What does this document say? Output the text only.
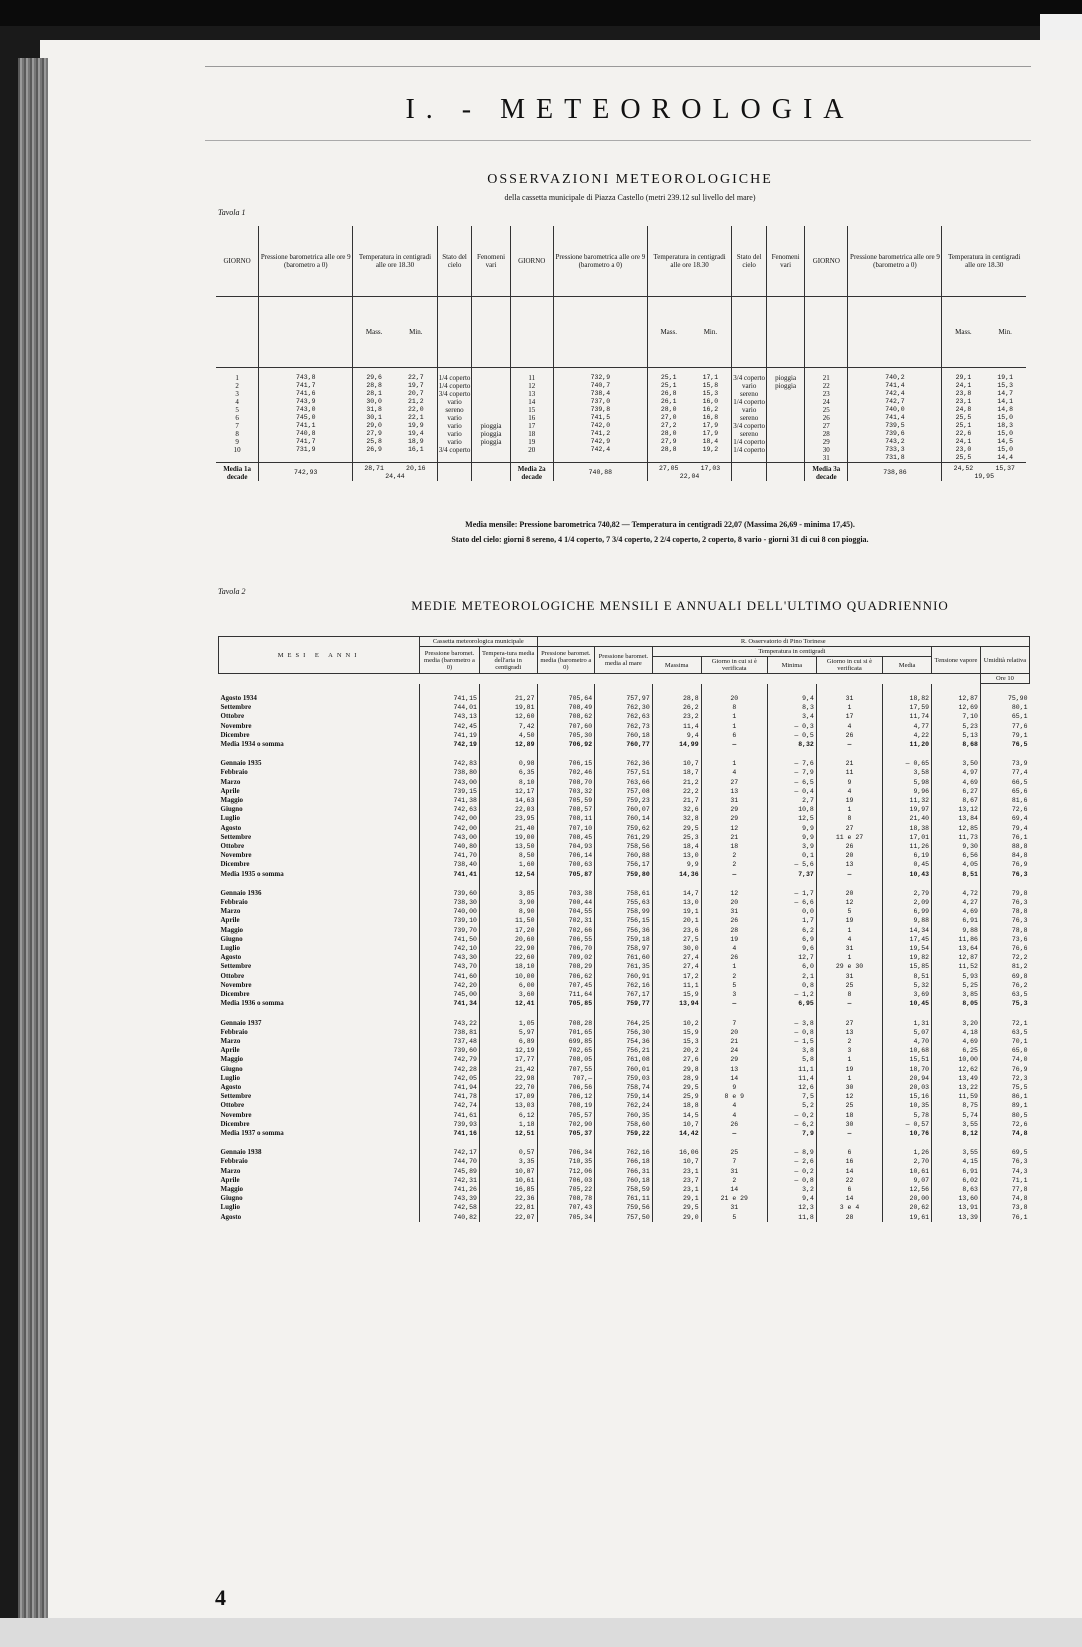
I. - METEOROLOGIA
OSSERVAZIONI METEOROLOGICHE
della cassetta municipale di Piazza Castello (metri 239.12 sul livello del mare)
Tavola 1
GIORNO	Pressione barometrica alle ore 9 (barometro a 0)	Temperatura in centigradi alle ore 18.30		Stato del cielo	Fenomeni vari	GIORNO	Pressione barometrica alle ore 9 (barometro a 0)	Temperatura in centigradi alle ore 18.30		Stato del cielo	Fenomeni vari	GIORNO	Pressione barometrica alle ore 9 (barometro a 0)	Temperatura in centigradi alle ore 18.30	
		Mass.	Min.					Mass.	Min.					Mass.	Min.
1	743,8	29,6	22,7	1/4 coperto		11	732,9	25,1	17,1	3/4 coperto	pioggia	21	740,2	29,1	19,1
2	741,7	28,8	19,7	1/4 coperto		12	740,7	25,1	15,8	vario	pioggia	22	741,4	24,1	15,3
3	741,6	28,1	20,7	3/4 coperto		13	738,4	26,8	15,3	sereno		23	742,4	23,8	14,7
4	743,9	30,0	21,2	vario		14	737,0	26,1	16,0	1/4 coperto		24	742,7	23,1	14,1
5	743,0	31,8	22,0	sereno		15	739,8	28,0	16,2	vario		25	740,0	24,8	14,8
6	745,0	30,1	22,1	vario		16	741,5	27,0	16,8	sereno		26	741,4	25,5	15,0
7	741,1	29,0	19,9	vario	pioggia	17	742,0	27,2	17,9	3/4 coperto		27	739,5	25,1	18,3
8	740,8	27,9	19,4	vario	pioggia	18	741,2	28,0	17,9	sereno		28	739,6	22,6	15,0
9	741,7	25,8	18,9	vario	pioggia	19	742,9	27,9	18,4	1/4 coperto		29	743,2	24,1	14,5
10	731,9	26,9	16,1	3/4 coperto		20	742,4	28,8	19,2	1/4 coperto		30	733,3	23,0	15,0
												31	731,8	25,5	14,4
Media 1a decade	742,93	28,71	20,16			Media 2a decade	740,88	27,05	17,03			Media 3a decade	738,86	24,52	15,37
		24,44						22,04						19,95	
Media mensile: Pressione barometrica 740,82 — Temperatura in centigradi 22,07 (Massima 26,69 - minima 17,45).
Stato del cielo: giorni 8 sereno, 4 1/4 coperto, 7 3/4 coperto, 2 2/4 coperto, 2 coperto, 8 vario - giorni 31 di cui 8 con pioggia.
Tavola 2
MEDIE METEOROLOGICHE MENSILI E ANNUALI DELL'ULTIMO QUADRIENNIO
MESI E ANNI	Cassetta meteorologica municipale		R. Osservatorio di Pino Torinese								
	Pressione baromet. media (barometro a 0)	Tempera-tura media dell'aria in centigradi	Pressione baromet. media (barometro a 0)	Pressione baromet. media al mare	Temperatura in centigradi					Tensione vapore	Umidità relativa
					Massima	Giorno in cui si è verificata	Minima	Giorno in cui si è verificata	Media		
											Ore 10

Agosto 1934	741,15	21,27	705,64	757,97	28,8	20	9,4	31	18,82	12,87	75,90
Settembre	744,01	19,81	708,49	762,30	26,2	8	8,3	1	17,59	12,69	80,1
Ottobre	743,13	12,60	708,62	762,63	23,2	1	3,4	17	11,74	7,10	65,1
Novembre	742,45	7,42	707,60	762,73	11,4	1	— 0,3	4	4,77	5,23	77,6
Dicembre	741,19	4,50	705,30	760,18	9,4	6	— 0,5	26	4,22	5,13	79,1
Media 1934 o somma	742,19	12,89	706,92	760,77	14,99	—	8,32	—	11,20	8,68	76,5

Gennaio 1935	742,83	0,98	706,15	762,36	10,7	1	— 7,6	21	— 0,65	3,50	73,9
Febbraio	738,80	6,35	702,46	757,51	18,7	4	— 7,9	11	3,58	4,97	77,4
Marzo	743,00	8,10	708,70	763,66	21,2	27	— 6,5	9	5,98	4,69	66,5
Aprile	739,15	12,17	703,32	757,08	22,2	13	— 0,4	4	9,96	6,27	65,6
Maggio	741,38	14,63	705,59	759,23	21,7	31	2,7	19	11,32	8,67	81,6
Giugno	742,63	22,03	708,57	760,07	32,6	29	10,8	1	19,97	13,12	72,6
Luglio	742,00	23,95	708,11	760,14	32,8	29	12,5	8	21,40	13,84	69,4
Agosto	742,00	21,40	707,10	759,62	29,5	12	9,9	27	18,38	12,85	79,4
Settembre	743,00	19,00	708,45	761,29	25,3	21	9,9	11 e 27	17,01	11,73	76,1
Ottobre	740,80	13,50	704,93	758,56	18,4	18	3,9	26	11,26	9,30	88,8
Novembre	741,70	8,50	706,14	760,88	13,0	2	0,1	20	6,19	6,56	84,8
Dicembre	738,40	1,60	700,63	756,17	9,9	2	— 5,6	13	0,45	4,05	76,9
Media 1935 o somma	741,41	12,54	705,87	759,80	14,36	—	7,37	—	10,43	8,51	76,3

Gennaio 1936	739,60	3,85	703,38	758,61	14,7	12	— 1,7	20	2,79	4,72	79,8
Febbraio	738,30	3,90	700,44	755,63	13,0	20	— 6,6	12	2,09	4,27	76,3
Marzo	740,00	8,90	704,55	758,99	19,1	31	0,0	5	6,99	4,69	78,8
Aprile	739,10	11,50	702,31	756,15	20,1	26	1,7	19	9,88	6,91	76,3
Maggio	739,70	17,20	702,66	756,36	23,6	28	6,2	1	14,34	9,88	78,8
Giugno	741,50	20,60	706,55	759,18	27,5	19	6,9	4	17,45	11,86	73,6
Luglio	742,10	22,90	706,70	758,97	30,0	4	9,6	31	19,54	13,64	76,6
Agosto	743,30	22,60	709,02	761,60	27,4	26	12,7	1	19,82	12,87	72,2
Settembre	743,70	18,10	708,29	761,35	27,4	1	6,0	29 e 30	15,85	11,52	81,2
Ottobre	741,60	10,00	706,62	760,91	17,2	2	2,1	31	8,51	5,93	69,8
Novembre	742,20	6,00	707,45	762,16	11,1	5	0,8	25	5,32	5,25	76,2
Dicembre	745,00	3,60	711,64	767,17	15,9	3	— 1,2	8	3,69	3,85	63,5
Media 1936 o somma	741,34	12,41	705,85	759,77	13,94	—	6,95	—	10,45	8,05	75,3

Gennaio 1937	743,22	1,05	708,28	764,25	10,2	7	— 3,8	27	1,31	3,20	72,1
Febbraio	738,81	5,97	701,65	756,30	15,9	20	— 0,8	13	5,07	4,18	63,5
Marzo	737,48	6,89	699,85	754,36	15,3	21	— 1,5	2	4,70	4,69	70,1
Aprile	739,60	12,19	702,65	756,21	20,2	24	3,8	3	10,68	6,25	65,0
Maggio	742,79	17,77	708,05	761,08	27,6	29	5,8	1	15,51	10,00	74,0
Giugno	742,28	21,42	707,55	760,01	29,8	13	11,1	19	18,70	12,62	76,9
Luglio	742,05	22,98	707,—	759,03	28,9	14	11,4	1	20,94	13,49	72,3
Agosto	741,94	22,70	706,56	758,74	29,5	9	12,6	30	20,03	13,22	75,5
Settembre	741,78	17,09	706,12	759,14	25,9	8 e 9	7,5	12	15,16	11,59	86,1
Ottobre	742,74	13,03	708,19	762,24	18,8	4	5,2	25	10,35	8,75	89,1
Novembre	741,61	6,12	705,57	760,35	14,5	4	— 0,2	18	5,78	5,74	80,5
Dicembre	739,93	1,18	702,90	758,60	10,7	26	— 6,2	30	— 0,57	3,55	72,6
Media 1937 o somma	741,16	12,51	705,37	759,22	14,42	—	7,9	—	10,76	8,12	74,8

Gennaio 1938	742,17	0,57	706,34	762,16	16,06	25	— 8,9	6	1,26	3,55	69,5
Febbraio	744,70	3,35	710,35	766,18	10,7	7	— 2,6	16	2,70	4,15	76,3
Marzo	745,89	10,87	712,06	766,31	23,1	31	— 0,2	14	10,61	6,91	74,3
Aprile	742,31	10,61	706,03	760,18	23,7	2	— 0,8	22	9,07	6,02	71,1
Maggio	741,26	16,85	705,22	758,59	23,1	14	3,2	6	12,56	8,63	77,8
Giugno	743,39	22,36	708,78	761,11	29,1	21 e 29	9,4	14	20,00	13,60	74,8
Luglio	742,58	22,81	707,43	759,56	29,5	31	12,3	3 e 4	20,62	13,91	73,8
Agosto	740,82	22,07	705,34	757,50	29,0	5	11,8	28	19,61	13,39	76,1
4
